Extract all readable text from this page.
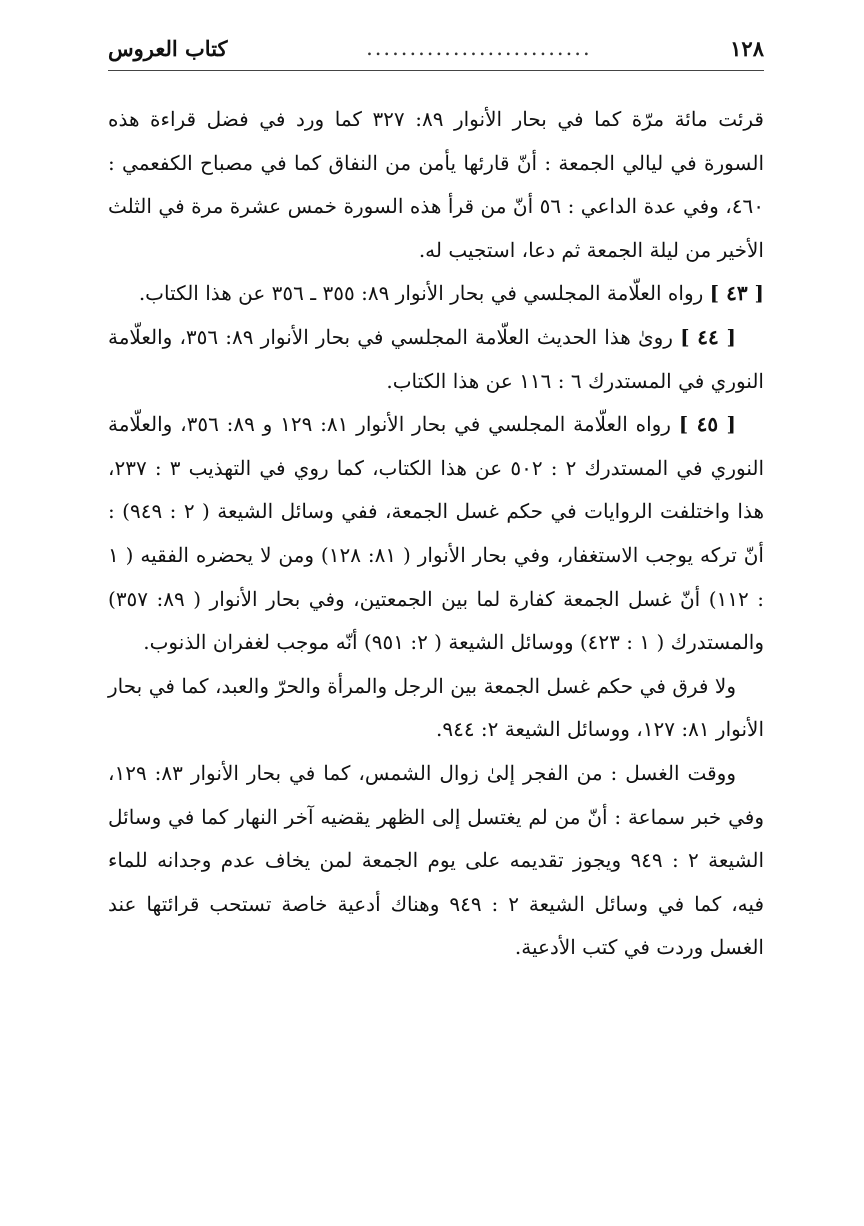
١٢٨
..........................
كتاب العروس

قرئت مائة مرّة كما في بحار الأنوار ٨٩: ٣٢٧ كما ورد في فضل قراءة هذه السورة في ليالي الجمعة : أنّ قارئها يأمن من النفاق كما في مصباح الكفعمي : ٤٦٠، وفي عدة الداعي : ٥٦ أنّ من قرأ هذه السورة خمس عشرة مرة في الثلث الأخير من ليلة الجمعة ثم دعا، استجيب له.

[ ٤٣ ] رواه العلّامة المجلسي في بحار الأنوار ٨٩: ٣٥٥ ـ ٣٥٦ عن هذا الكتاب.

[ ٤٤ ] روىٰ هذا الحديث العلّامة المجلسي في بحار الأنوار ٨٩: ٣٥٦، والعلّامة النوري في المستدرك ٦ : ١١٦ عن هذا الكتاب.

[ ٤٥ ] رواه العلّامة المجلسي في بحار الأنوار ٨١: ١٢٩ و ٨٩: ٣٥٦، والعلّامة النوري في المستدرك ٢ : ٥٠٢ عن هذا الكتاب، كما روي في التهذيب ٣ : ٢٣٧، هذا واختلفت الروايات في حكم غسل الجمعة، ففي وسائل الشيعة ( ٢ : ٩٤٩) : أنّ تركه يوجب الاستغفار، وفي بحار الأنوار ( ٨١: ١٢٨) ومن لا يحضره الفقيه ( ١ : ١١٢) أنّ غسل الجمعة كفارة لما بين الجمعتين، وفي بحار الأنوار ( ٨٩: ٣٥٧) والمستدرك ( ١ : ٤٢٣) ووسائل الشيعة ( ٢: ٩٥١) أنّه موجب لغفران الذنوب.

ولا فرق في حكم غسل الجمعة بين الرجل والمرأة والحرّ والعبد، كما في بحار الأنوار ٨١: ١٢٧، ووسائل الشيعة ٢: ٩٤٤.

ووقت الغسل : من الفجر إلىٰ زوال الشمس، كما في بحار الأنوار ٨٣: ١٢٩، وفي خبر سماعة : أنّ من لم يغتسل إلى الظهر يقضيه آخر النهار كما في وسائل الشيعة ٢ : ٩٤٩ ويجوز تقديمه على يوم الجمعة لمن يخاف عدم وجدانه للماء فيه، كما في وسائل الشيعة ٢ : ٩٤٩ وهناك أدعية خاصة تستحب قرائتها عند الغسل وردت في كتب الأدعية.
